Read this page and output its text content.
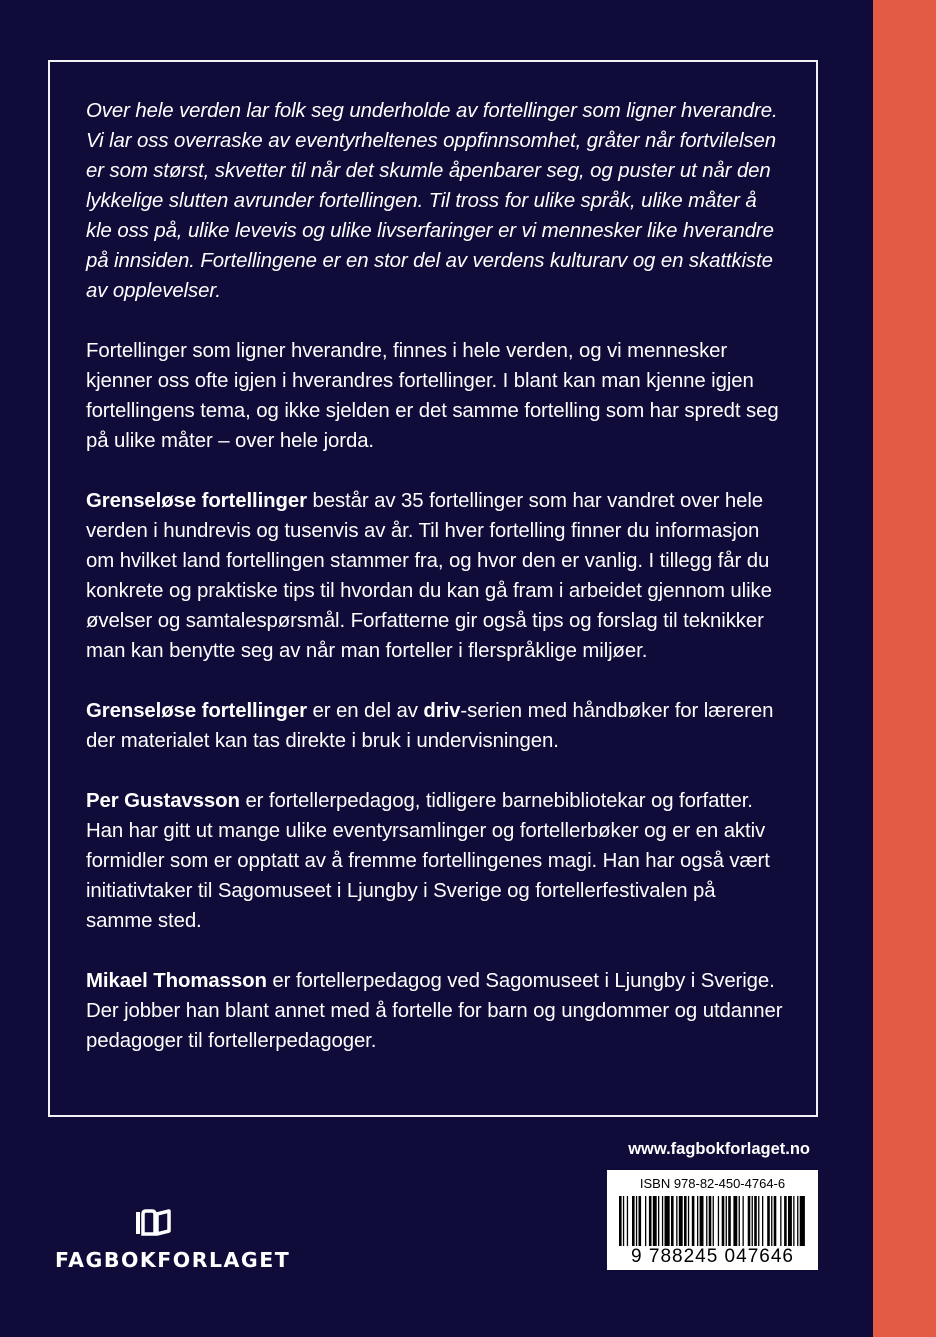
Over hele verden lar folk seg underholde av fortellinger som ligner hverandre. Vi lar oss overraske av eventyrheltenes oppfinnsomhet, gråter når fortvilelsen er som størst, skvetter til når det skumle åpenbarer seg, og puster ut når den lykkelige slutten avrunder fortellingen. Til tross for ulike språk, ulike måter å kle oss på, ulike levevis og ulike livserfaringer er vi mennesker like hverandre på innsiden. Fortellingene er en stor del av verdens kulturarv og en skattkiste av opplevelser.

Fortellinger som ligner hverandre, finnes i hele verden, og vi mennesker kjenner oss ofte igjen i hverandres fortellinger. I blant kan man kjenne igjen fortellingens tema, og ikke sjelden er det samme fortelling som har spredt seg på ulike måter – over hele jorda.

Grenseløse fortellinger består av 35 fortellinger som har vandret over hele verden i hundrevis og tusenvis av år. Til hver fortelling finner du informasjon om hvilket land fortellingen stammer fra, og hvor den er vanlig. I tillegg får du konkrete og praktiske tips til hvordan du kan gå fram i arbeidet gjennom ulike øvelser og samtalespørsmål. Forfatterne gir også tips og forslag til teknikker man kan benytte seg av når man forteller i flerspråklige miljøer.

Grenseløse fortellinger er en del av driv-serien med håndbøker for læreren der materialet kan tas direkte i bruk i undervisningen.

Per Gustavsson er fortellerpedagog, tidligere barnebibliotekar og forfatter. Han har gitt ut mange ulike eventyrsamlinger og fortellerbøker og er en aktiv formidler som er opptatt av å fremme fortellingenes magi. Han har også vært initiativtaker til Sagomuseet i Ljungby i Sverige og fortellerfestivalen på samme sted.

Mikael Thomasson er fortellerpedagog ved Sagomuseet i Ljungby i Sverige. Der jobber han blant annet med å fortelle for barn og ungdommer og utdanner pedagoger til fortellerpedagoger.

www.fagbokforlaget.no
ISBN 978-82-450-4764-6
9 788245 047646
FAGBOKFORLAGET
